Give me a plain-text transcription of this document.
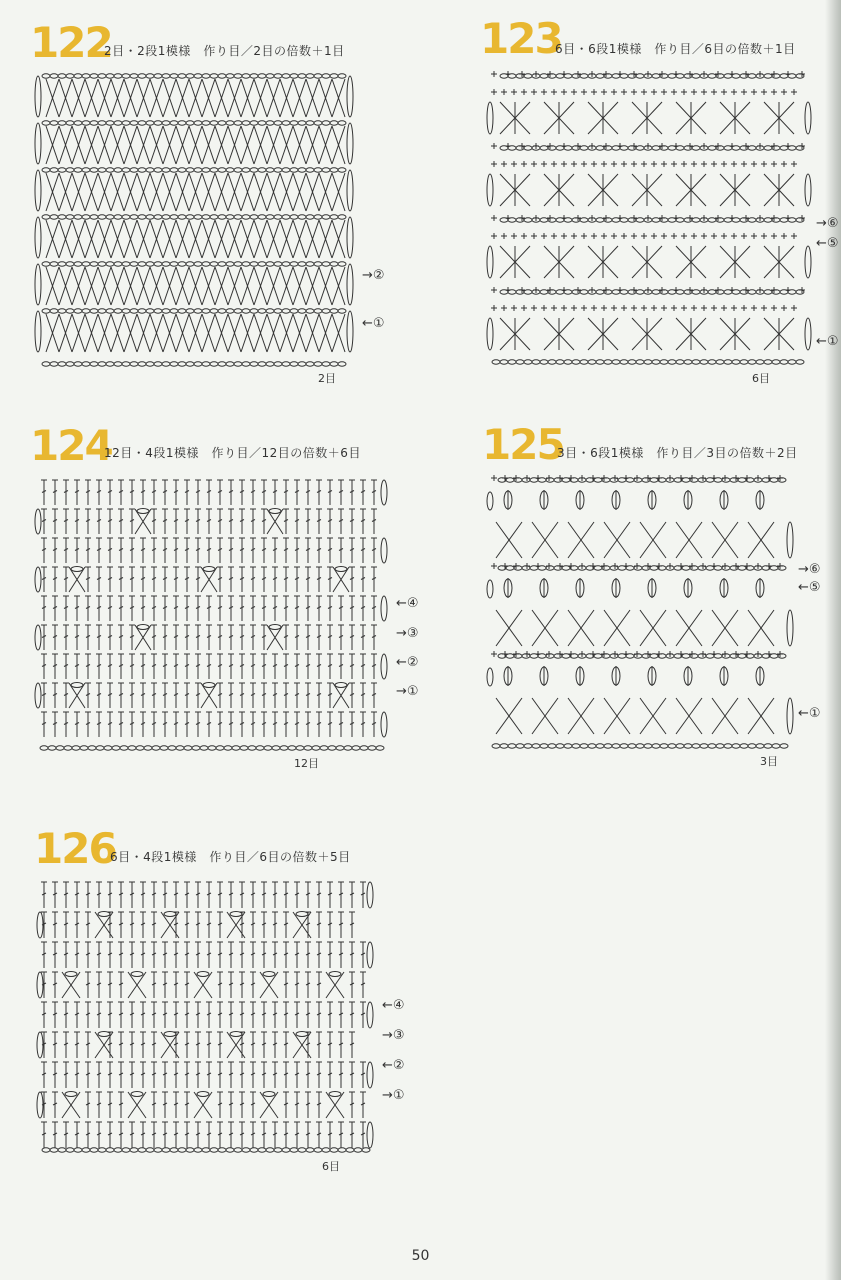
122
2目・2段1模様　作り目／2目の倍数＋1目
→②
←①
2目
123
6目・6段1模様　作り目／6目の倍数＋1目
→⑥
←⑤
←①
6目
124
12目・4段1模様　作り目／12目の倍数＋6目
←④
→③
←②
→①
12目
125
3目・6段1模様　作り目／3目の倍数＋2目
→⑥
←⑤
←①
3目
126
6目・4段1模様　作り目／6目の倍数＋5目
←④
→③
←②
→①
6目
50
